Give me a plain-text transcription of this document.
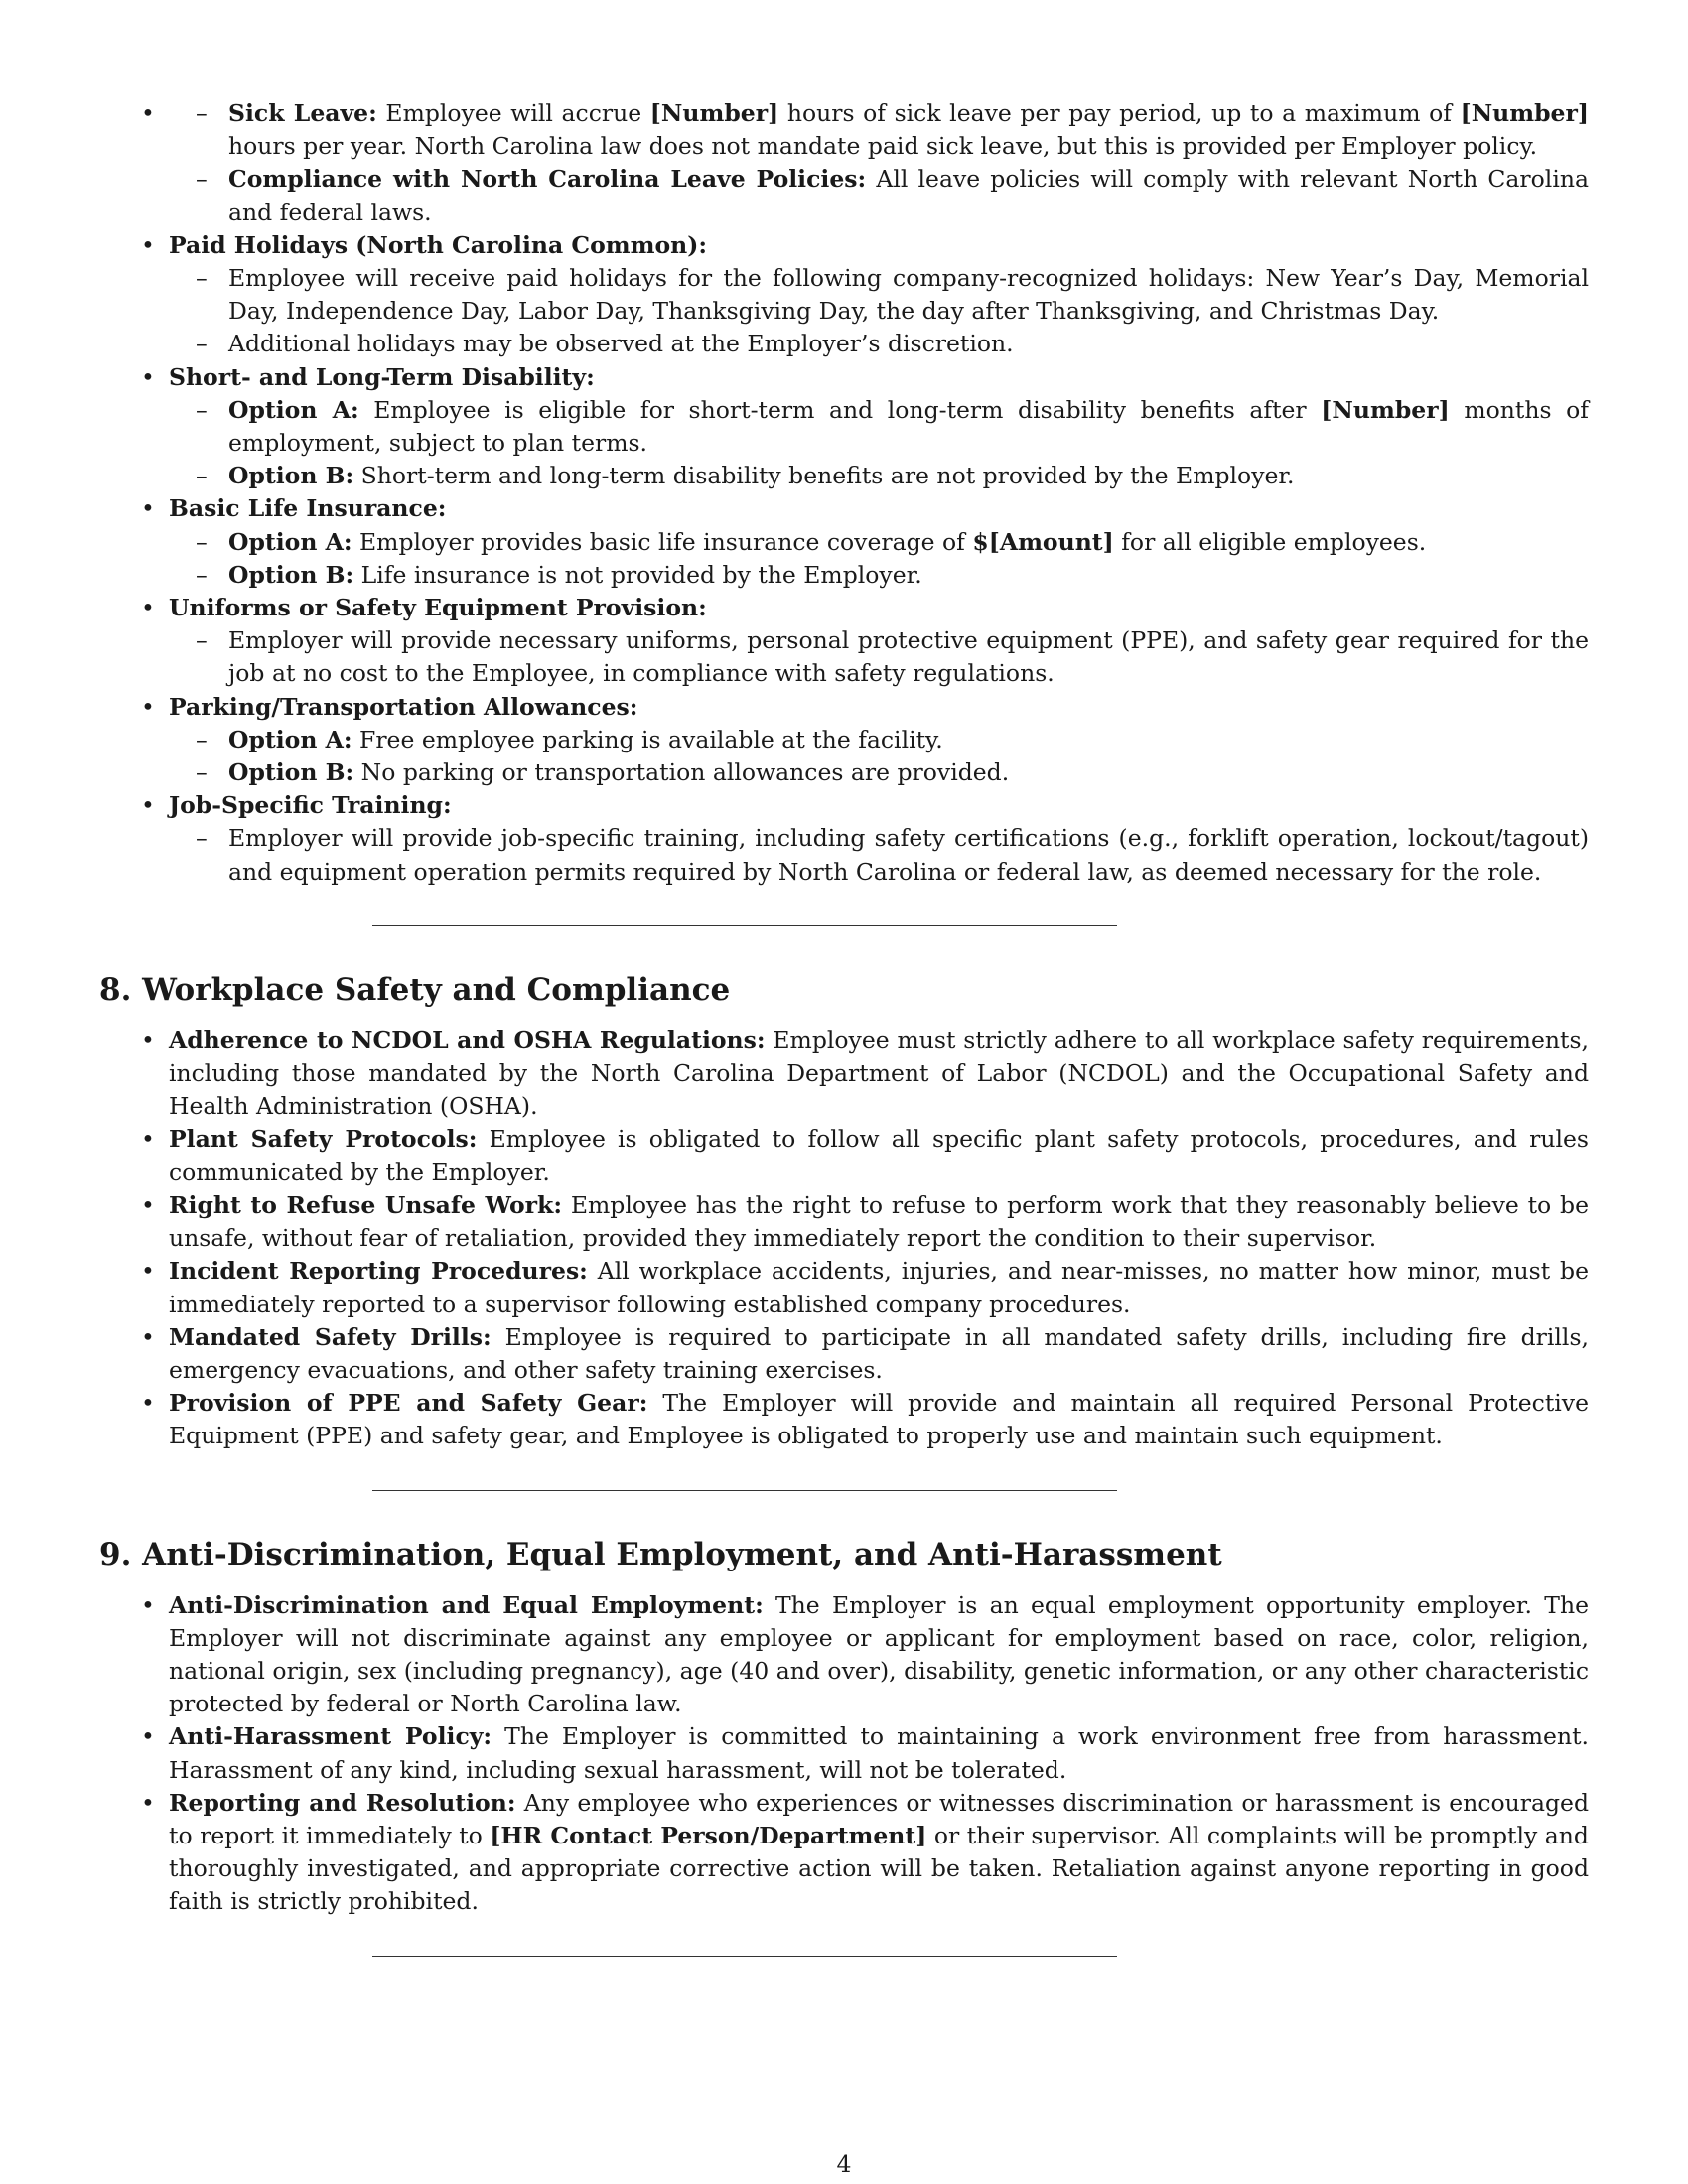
– • Sick Leave: Employee will accrue [Number] hours of sick leave per pay period, up to a maximum of [Number] hours per year. North Carolina law does not mandate paid sick leave, but this is provided per Employer policy.
– Compliance with North Carolina Leave Policies: All leave policies will comply with relevant North Carolina and federal laws.
• Paid Holidays (North Carolina Common):
– Employee will receive paid holidays for the following company-recognized holidays: New Year’s Day, Memorial Day, Independence Day, Labor Day, Thanksgiving Day, the day after Thanksgiving, and Christmas Day.
– Additional holidays may be observed at the Employer’s discretion.
• Short- and Long-Term Disability:
– Option A: Employee is eligible for short-term and long-term disability benefits after [Number] months of employment, subject to plan terms.
– Option B: Short-term and long-term disability benefits are not provided by the Employer.
• Basic Life Insurance:
– Option A: Employer provides basic life insurance coverage of $[Amount] for all eligible employees.
– Option B: Life insurance is not provided by the Employer.
• Uniforms or Safety Equipment Provision:
– Employer will provide necessary uniforms, personal protective equipment (PPE), and safety gear required for the job at no cost to the Employee, in compliance with safety regulations.
• Parking/Transportation Allowances:
– Option A: Free employee parking is available at the facility.
– Option B: No parking or transportation allowances are provided.
• Job-Specific Training:
– Employer will provide job-specific training, including safety certifications (e.g., forklift operation, lockout/tagout) and equipment operation permits required by North Carolina or federal law, as deemed necessary for the role.
8. Workplace Safety and Compliance
• Adherence to NCDOL and OSHA Regulations: Employee must strictly adhere to all workplace safety requirements, including those mandated by the North Carolina Department of Labor (NCDOL) and the Occupational Safety and Health Administration (OSHA).
• Plant Safety Protocols: Employee is obligated to follow all specific plant safety protocols, procedures, and rules communicated by the Employer.
• Right to Refuse Unsafe Work: Employee has the right to refuse to perform work that they reasonably believe to be unsafe, without fear of retaliation, provided they immediately report the condition to their supervisor.
• Incident Reporting Procedures: All workplace accidents, injuries, and near-misses, no matter how minor, must be immediately reported to a supervisor following established company procedures.
• Mandated Safety Drills: Employee is required to participate in all mandated safety drills, including fire drills, emergency evacuations, and other safety training exercises.
• Provision of PPE and Safety Gear: The Employer will provide and maintain all required Personal Protective Equipment (PPE) and safety gear, and Employee is obligated to properly use and maintain such equipment.
9. Anti-Discrimination, Equal Employment, and Anti-Harassment
• Anti-Discrimination and Equal Employment: The Employer is an equal employment opportunity employer. The Employer will not discriminate against any employee or applicant for employment based on race, color, religion, national origin, sex (including pregnancy), age (40 and over), disability, genetic information, or any other characteristic protected by federal or North Carolina law.
• Anti-Harassment Policy: The Employer is committed to maintaining a work environment free from harassment. Harassment of any kind, including sexual harassment, will not be tolerated.
• Reporting and Resolution: Any employee who experiences or witnesses discrimination or harassment is encouraged to report it immediately to [HR Contact Person/Department] or their supervisor. All complaints will be promptly and thoroughly investigated, and appropriate corrective action will be taken. Retaliation against anyone reporting in good faith is strictly prohibited.
4
